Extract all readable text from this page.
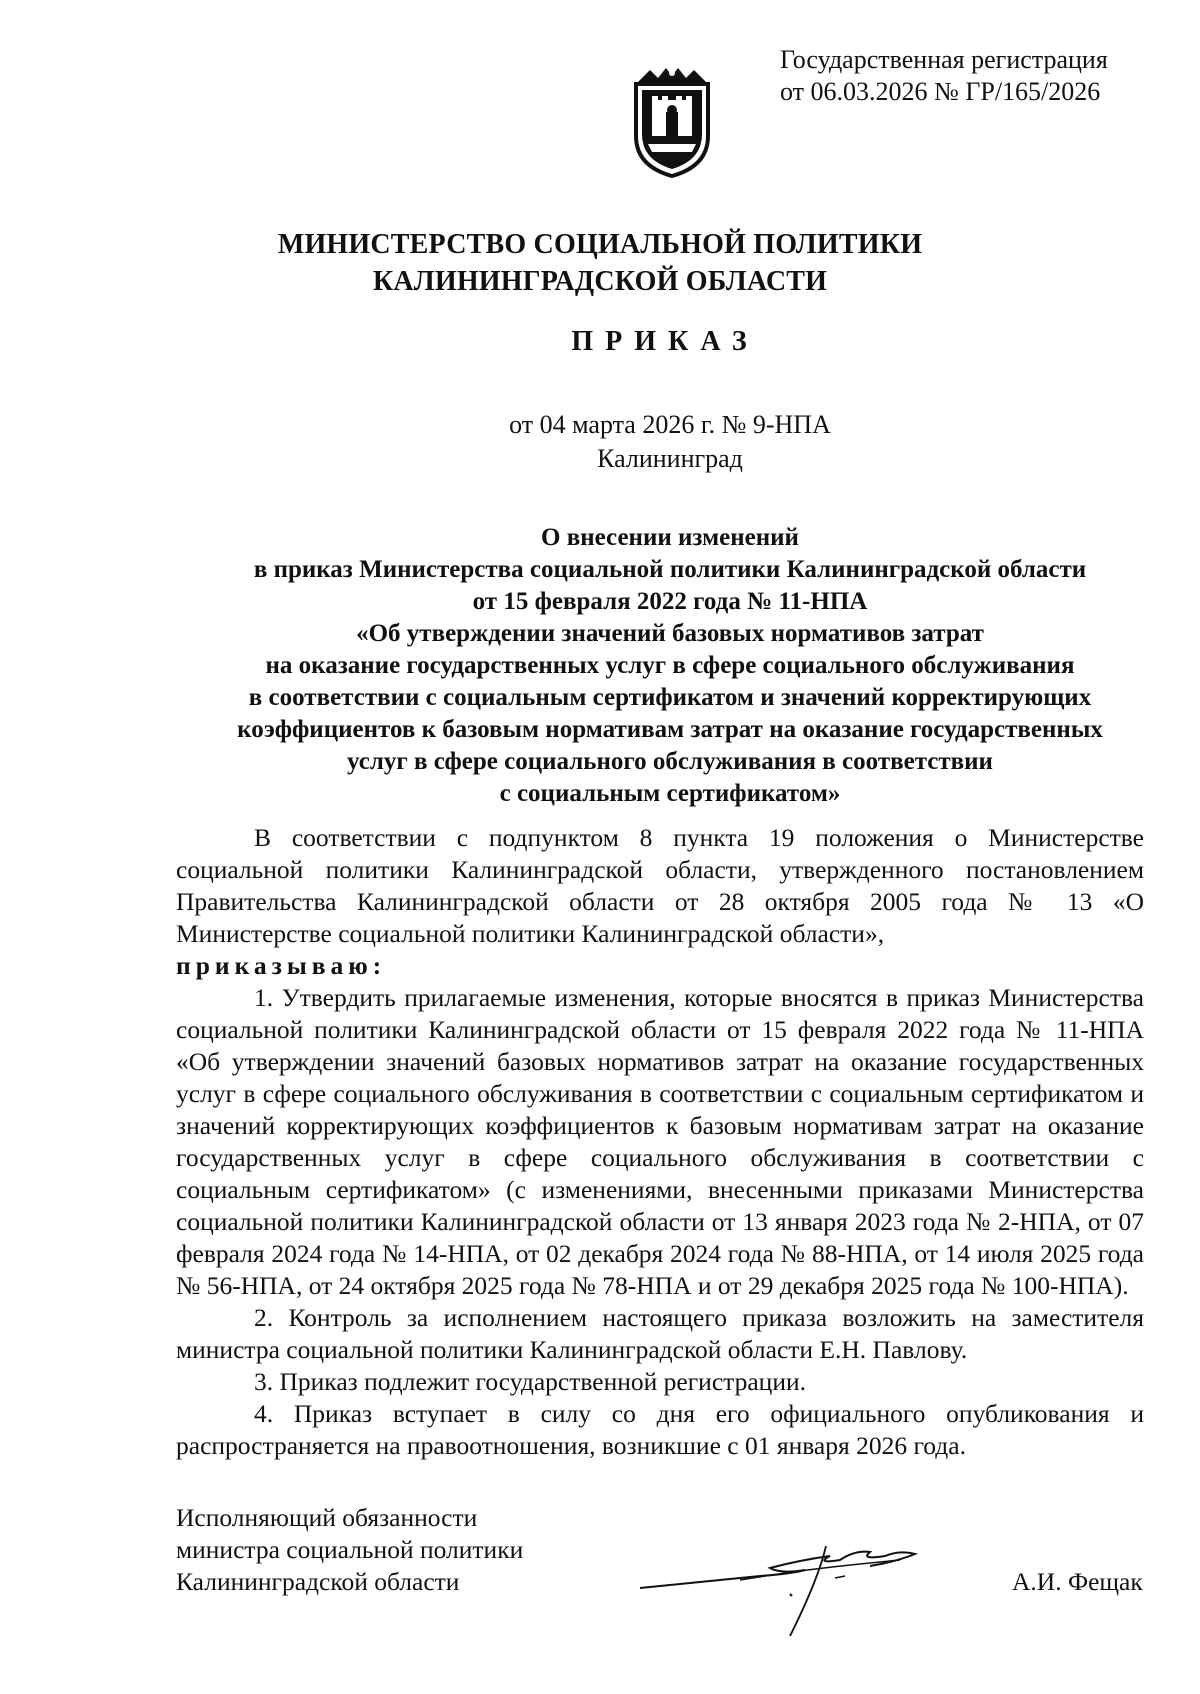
Государственная регистрация
от 06.03.2026 № ГР/165/2026
МИНИСТЕРСТВО СОЦИАЛЬНОЙ ПОЛИТИКИ
КАЛИНИНГРАДСКОЙ ОБЛАСТИ
ПРИКАЗ
от 04 марта 2026 г. № 9-НПА
Калининград
О внесении изменений
в приказ Министерства социальной политики Калининградской области
от 15 февраля 2022 года № 11-НПА
«Об утверждении значений базовых нормативов затрат
на оказание государственных услуг в сфере социального обслуживания
в соответствии с социальным сертификатом и значений корректирующих
коэффициентов к базовым нормативам затрат на оказание государственных
услуг в сфере социального обслуживания в соответствии
с социальным сертификатом»

В соответствии с подпунктом 8 пункта 19 положения о Министерстве социальной политики Калининградской области, утвержденного постановлением Правительства Калининградской области от 28 октября 2005 года № 13 «О Министерстве социальной политики Калининградской области»,

приказываю:

1. Утвердить прилагаемые изменения, которые вносятся в приказ Министерства социальной политики Калининградской области от 15 февраля 2022 года № 11-НПА «Об утверждении значений базовых нормативов затрат на оказание государственных услуг в сфере социального обслуживания в соответствии с социальным сертификатом и значений корректирующих коэффициентов к базовым нормативам затрат на оказание государственных услуг в сфере социального обслуживания в соответствии с социальным сертификатом» (с изменениями, внесенными приказами Министерства социальной политики Калининградской области от 13 января 2023 года № 2-НПА, от 07 февраля 2024 года № 14-НПА, от 02 декабря 2024 года № 88-НПА, от 14 июля 2025 года № 56-НПА, от 24 октября 2025 года № 78-НПА и от 29 декабря 2025 года № 100-НПА).

2. Контроль за исполнением настоящего приказа возложить на заместителя министра социальной политики Калининградской области Е.Н. Павлову.

3. Приказ подлежит государственной регистрации.

4. Приказ вступает в силу со дня его официального опубликования и распространяется на правоотношения, возникшие с 01 января 2026 года.

Исполняющий обязанности
министра социальной политики
Калининградской области	А.И. Фещак
